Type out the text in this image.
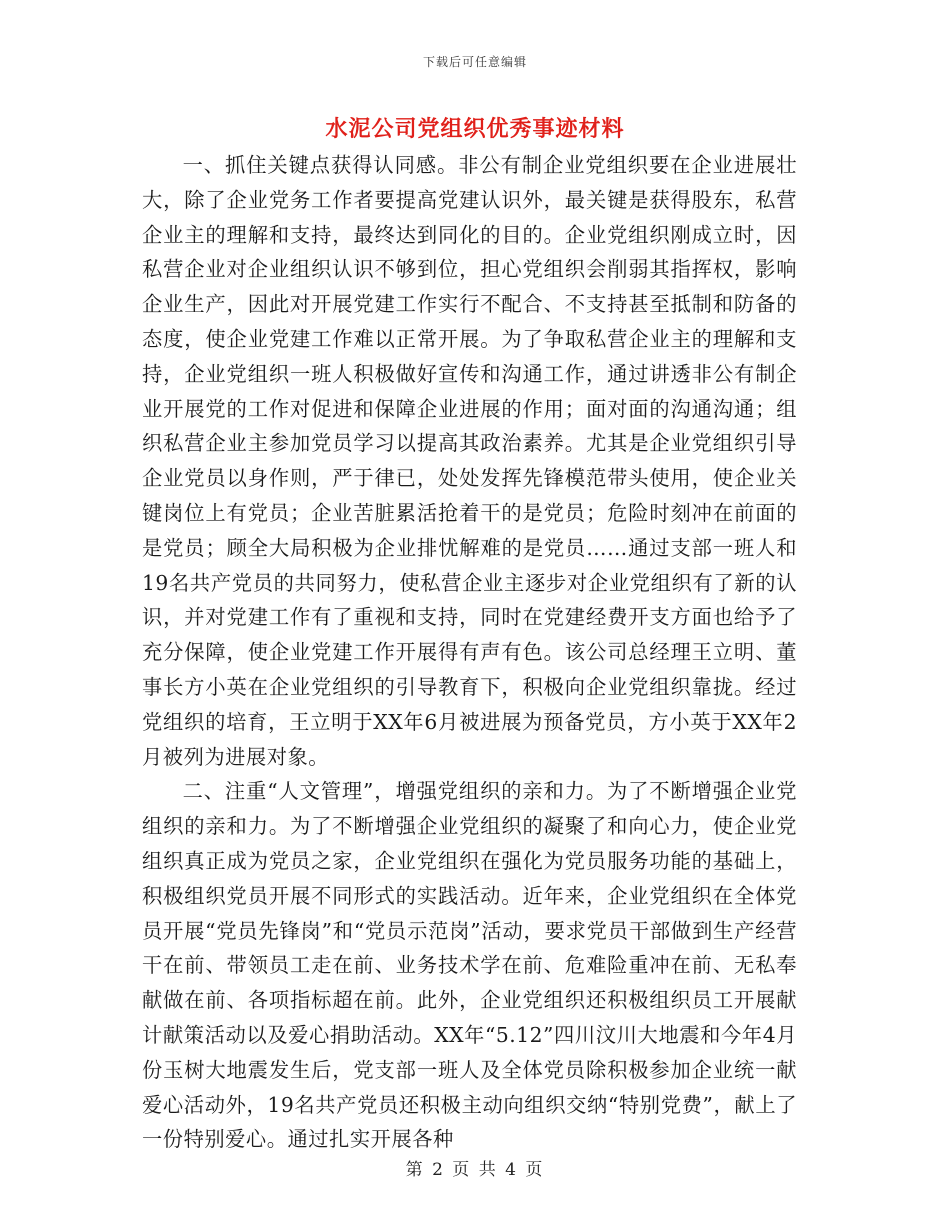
下载后可任意编辑
水泥公司党组织优秀事迹材料

一、抓住关键点获得认同感。非公有制企业党组织要在企业进展壮大，除了企业党务工作者要提高党建认识外，最关键是获得股东，私营企业主的理解和支持，最终达到同化的目的。企业党组织刚成立时，因私营企业对企业组织认识不够到位，担心党组织会削弱其指挥权，影响企业生产，因此对开展党建工作实行不配合、不支持甚至抵制和防备的态度，使企业党建工作难以正常开展。为了争取私营企业主的理解和支持，企业党组织一班人积极做好宣传和沟通工作，通过讲透非公有制企业开展党的工作对促进和保障企业进展的作用；面对面的沟通沟通；组织私营企业主参加党员学习以提高其政治素养。尤其是企业党组织引导企业党员以身作则，严于律已，处处发挥先锋模范带头使用，使企业关键岗位上有党员；企业苦脏累活抢着干的是党员；危险时刻冲在前面的是党员；顾全大局积极为企业排忧解难的是党员……通过支部一班人和19名共产党员的共同努力，使私营企业主逐步对企业党组织有了新的认识，并对党建工作有了重视和支持，同时在党建经费开支方面也给予了充分保障，使企业党建工作开展得有声有色。该公司总经理王立明、董事长方小英在企业党组织的引导教育下，积极向企业党组织靠拢。经过党组织的培育，王立明于XX年6月被进展为预备党员，方小英于XX年2月被列为进展对象。

二、注重“人文管理”，增强党组织的亲和力。为了不断增强企业党组织的亲和力。为了不断增强企业党组织的凝聚了和向心力，使企业党组织真正成为党员之家，企业党组织在强化为党员服务功能的基础上，积极组织党员开展不同形式的实践活动。近年来，企业党组织在全体党员开展“党员先锋岗”和“党员示范岗”活动，要求党员干部做到生产经营干在前、带领员工走在前、业务技术学在前、危难险重冲在前、无私奉献做在前、各项指标超在前。此外，企业党组织还积极组织员工开展献计献策活动以及爱心捐助活动。XX年“5.12”四川汶川大地震和今年4月份玉树大地震发生后，党支部一班人及全体党员除积极参加企业统一献爱心活动外，19名共产党员还积极主动向组织交纳“特别党费”，献上了一份特别爱心。通过扎实开展各种

第 2 页 共 4 页
